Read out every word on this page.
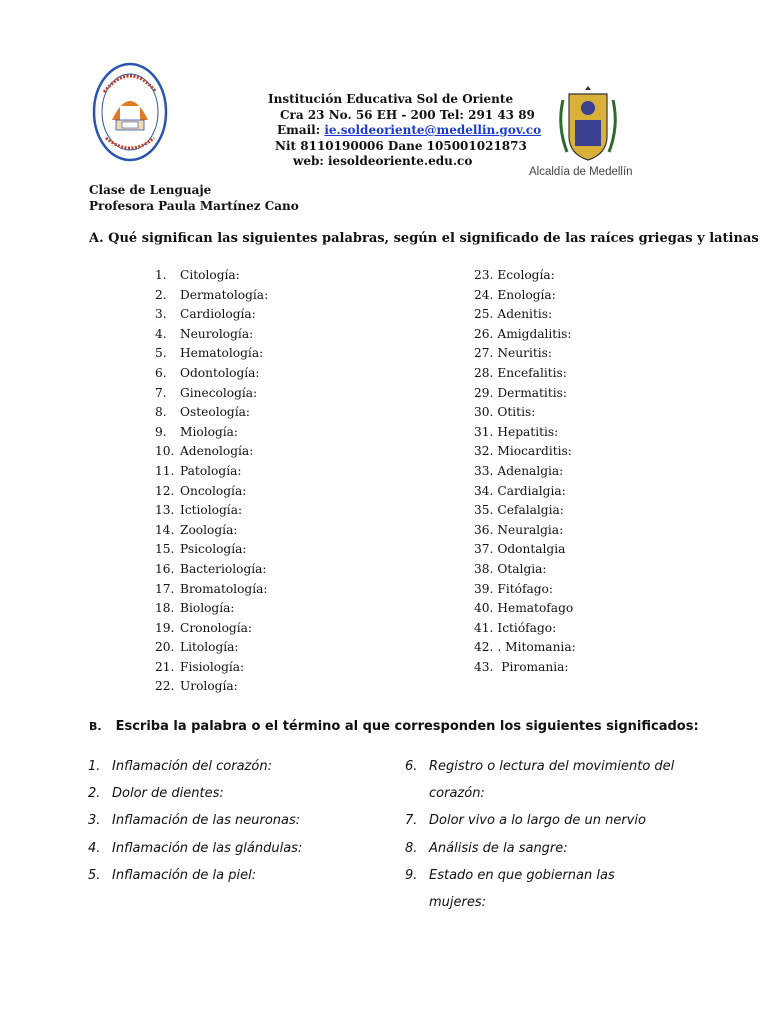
Institución Educativa Sol de Oriente
Cra 23 No. 56 EH - 200 Tel: 291 43 89
Email: ie.soldeoriente@medellin.gov.co
Nit 8110190006 Dane 105001021873
web: iesoldeoriente.edu.co
Alcaldía de Medellín
Clase de Lenguaje
Profesora Paula Martínez Cano
A. Qué significan las siguientes palabras, según el significado de las raíces griegas y latinas
1. Citología:
2. Dermatología:
3. Cardiología:
4. Neurología:
5. Hematología:
6. Odontología:
7. Ginecología:
8. Osteología:
9. Miología:
10. Adenología:
11. Patología:
12. Oncología:
13. Ictiología:
14. Zoología:
15. Psicología:
16. Bacteriología:
17. Bromatología:
18. Biología:
19. Cronología:
20. Litología:
21. Fisiología:
22. Urología:
23. Ecología:
24. Enología:
25. Adenitis:
26. Amigdalitis:
27. Neuritis:
28. Encefalitis:
29. Dermatitis:
30. Otitis:
31. Hepatitis:
32. Miocarditis:
33. Adenalgia:
34. Cardialgia:
35. Cefalalgia:
36. Neuralgia:
37. Odontalgia
38. Otalgia:
39. Fitófago:
40. Hematofago
41. Ictiófago:
42. . Mitomania:
43. Piromania:
B. Escriba la palabra o el término al que corresponden los siguientes significados:
1. Inflamación del corazón:
2. Dolor de dientes:
3. Inflamación de las neuronas:
4. Inflamación de las glándulas:
5. Inflamación de la piel:
6. Registro o lectura del movimiento del corazón:
7. Dolor vivo a lo largo de un nervio
8. Análisis de la sangre:
9. Estado en que gobiernan las mujeres:
